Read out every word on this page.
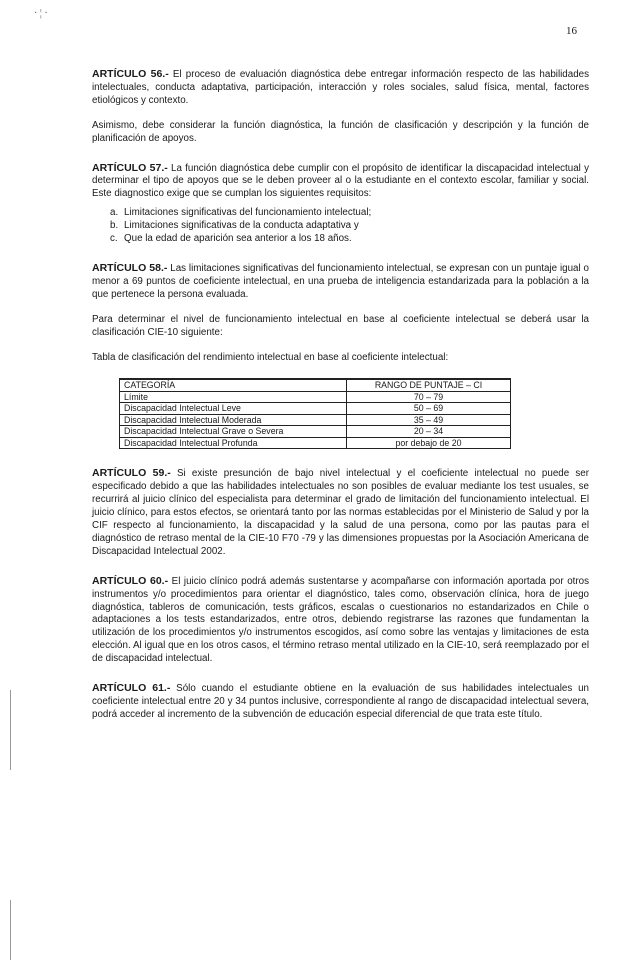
· ¦ ·
16

ARTÍCULO 56.- El proceso de evaluación diagnóstica debe entregar información respecto de las habilidades intelectuales, conducta adaptativa, participación, interacción y roles sociales, salud física, mental, factores etiológicos y contexto.

Asimismo, debe considerar la función diagnóstica, la función de clasificación y descripción y la función de planificación de apoyos.

ARTÍCULO 57.- La función diagnóstica debe cumplir con el propósito de identificar la discapacidad intelectual y determinar el tipo de apoyos que se le deben proveer al o la estudiante en el contexto escolar, familiar y social. Este diagnostico exige que se cumplan los siguientes requisitos:

a. Limitaciones significativas del funcionamiento intelectual;
b. Limitaciones significativas de la conducta adaptativa y
c. Que la edad de aparición sea anterior a los 18 años.

ARTÍCULO 58.- Las limitaciones significativas del funcionamiento intelectual, se expresan con un puntaje igual o menor a 69 puntos de coeficiente intelectual, en una prueba de inteligencia estandarizada para la población a la que pertenece la persona evaluada.

Para determinar el nivel de funcionamiento intelectual en base al coeficiente intelectual se deberá usar la clasificación CIE-10 siguiente:

Tabla de clasificación del rendimiento intelectual en base al coeficiente intelectual:

CATEGORÍA	RANGO DE PUNTAJE – CI
Límite	70 – 79
Discapacidad Intelectual Leve	50 – 69
Discapacidad Intelectual Moderada	35 – 49
Discapacidad Intelectual Grave o Severa	20 – 34
Discapacidad Intelectual Profunda	por debajo de 20

ARTÍCULO 59.- Si existe presunción de bajo nivel intelectual y el coeficiente intelectual no puede ser especificado debido a que las habilidades intelectuales no son posibles de evaluar mediante los test usuales, se recurrirá al juicio clínico del especialista para determinar el grado de limitación del funcionamiento intelectual. El juicio clínico, para estos efectos, se orientará tanto por las normas establecidas por el Ministerio de Salud y por la CIF respecto al funcionamiento, la discapacidad y la salud de una persona, como por las pautas para el diagnóstico de retraso mental de la CIE-10 F70 -79 y las dimensiones propuestas por la Asociación Americana de Discapacidad Intelectual 2002.

ARTÍCULO 60.- El juicio clínico podrá además sustentarse y acompañarse con información aportada por otros instrumentos y/o procedimientos para orientar el diagnóstico, tales como, observación clínica, hora de juego diagnóstica, tableros de comunicación, tests gráficos, escalas o cuestionarios no estandarizados en Chile o adaptaciones a los tests estandarizados, entre otros, debiendo registrarse las razones que fundamentan la utilización de los procedimientos y/o instrumentos escogidos, así como sobre las ventajas y limitaciones de esta elección. Al igual que en los otros casos, el término retraso mental utilizado en la CIE-10, será reemplazado por el de discapacidad intelectual.

ARTÍCULO 61.- Sólo cuando el estudiante obtiene en la evaluación de sus habilidades intelectuales un coeficiente intelectual entre 20 y 34 puntos inclusive, correspondiente al rango de discapacidad intelectual severa, podrá acceder al incremento de la subvención de educación especial diferencial de que trata este título.
